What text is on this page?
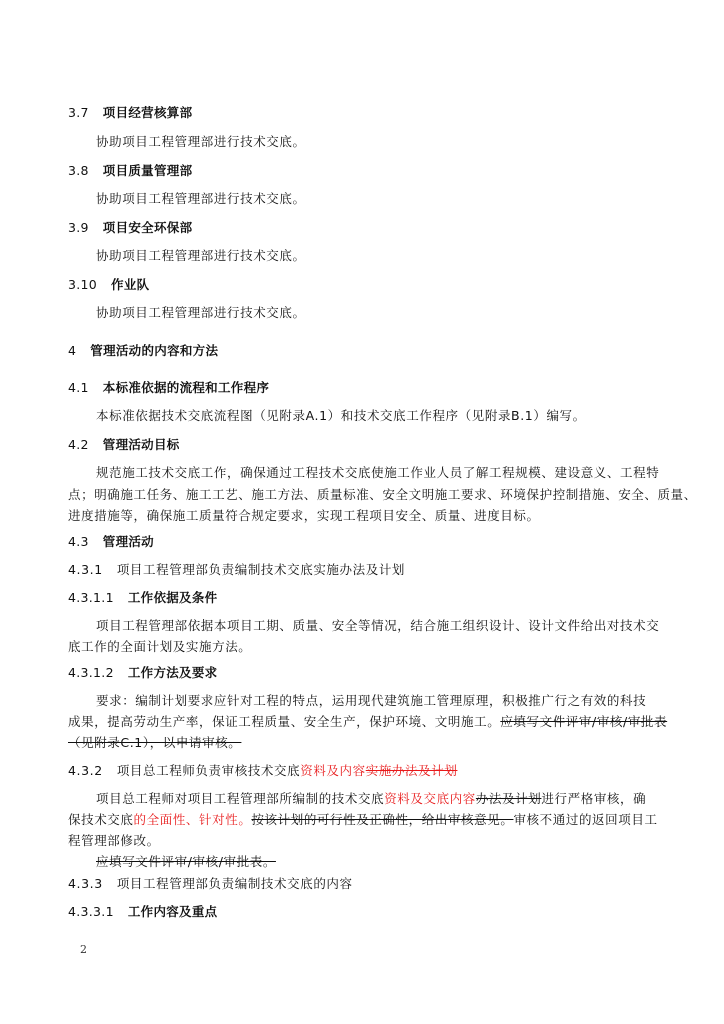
3.7 项目经营核算部
协助项目工程管理部进行技术交底。
3.8 项目质量管理部
协助项目工程管理部进行技术交底。
3.9 项目安全环保部
协助项目工程管理部进行技术交底。
3.10 作业队
协助项目工程管理部进行技术交底。
4 管理活动的内容和方法
4.1 本标准依据的流程和工作程序
本标准依据技术交底流程图（见附录A.1）和技术交底工作程序（见附录B.1）编写。
4.2 管理活动目标
规范施工技术交底工作，确保通过工程技术交底使施工作业人员了解工程规模、建设意义、工程特
点；明确施工任务、施工工艺、施工方法、质量标准、安全文明施工要求、环境保护控制措施、安全、质量、
进度措施等，确保施工质量符合规定要求，实现工程项目安全、质量、进度目标。
4.3 管理活动
4.3.1 项目工程管理部负责编制技术交底实施办法及计划
4.3.1.1 工作依据及条件
项目工程管理部依据本项目工期、质量、安全等情况，结合施工组织设计、设计文件给出对技术交
底工作的全面计划及实施方法。
4.3.1.2 工作方法及要求
要求：编制计划要求应针对工程的特点，运用现代建筑施工管理原理，积极推广行之有效的科技
成果，提高劳动生产率，保证工程质量、安全生产，保护环境、文明施工。应填写文件评审/审核/审批表
（见附录C.1），以申请审核。
4.3.2 项目总工程师负责审核技术交底资料及内容实施办法及计划
项目总工程师对项目工程管理部所编制的技术交底资料及交底内容办法及计划进行严格审核，确
保技术交底的全面性、针对性。按该计划的可行性及正确性，给出审核意见。审核不通过的返回项目工
程管理部修改。
应填写文件评审/审核/审批表。
4.3.3 项目工程管理部负责编制技术交底的内容
4.3.3.1 工作内容及重点
2
